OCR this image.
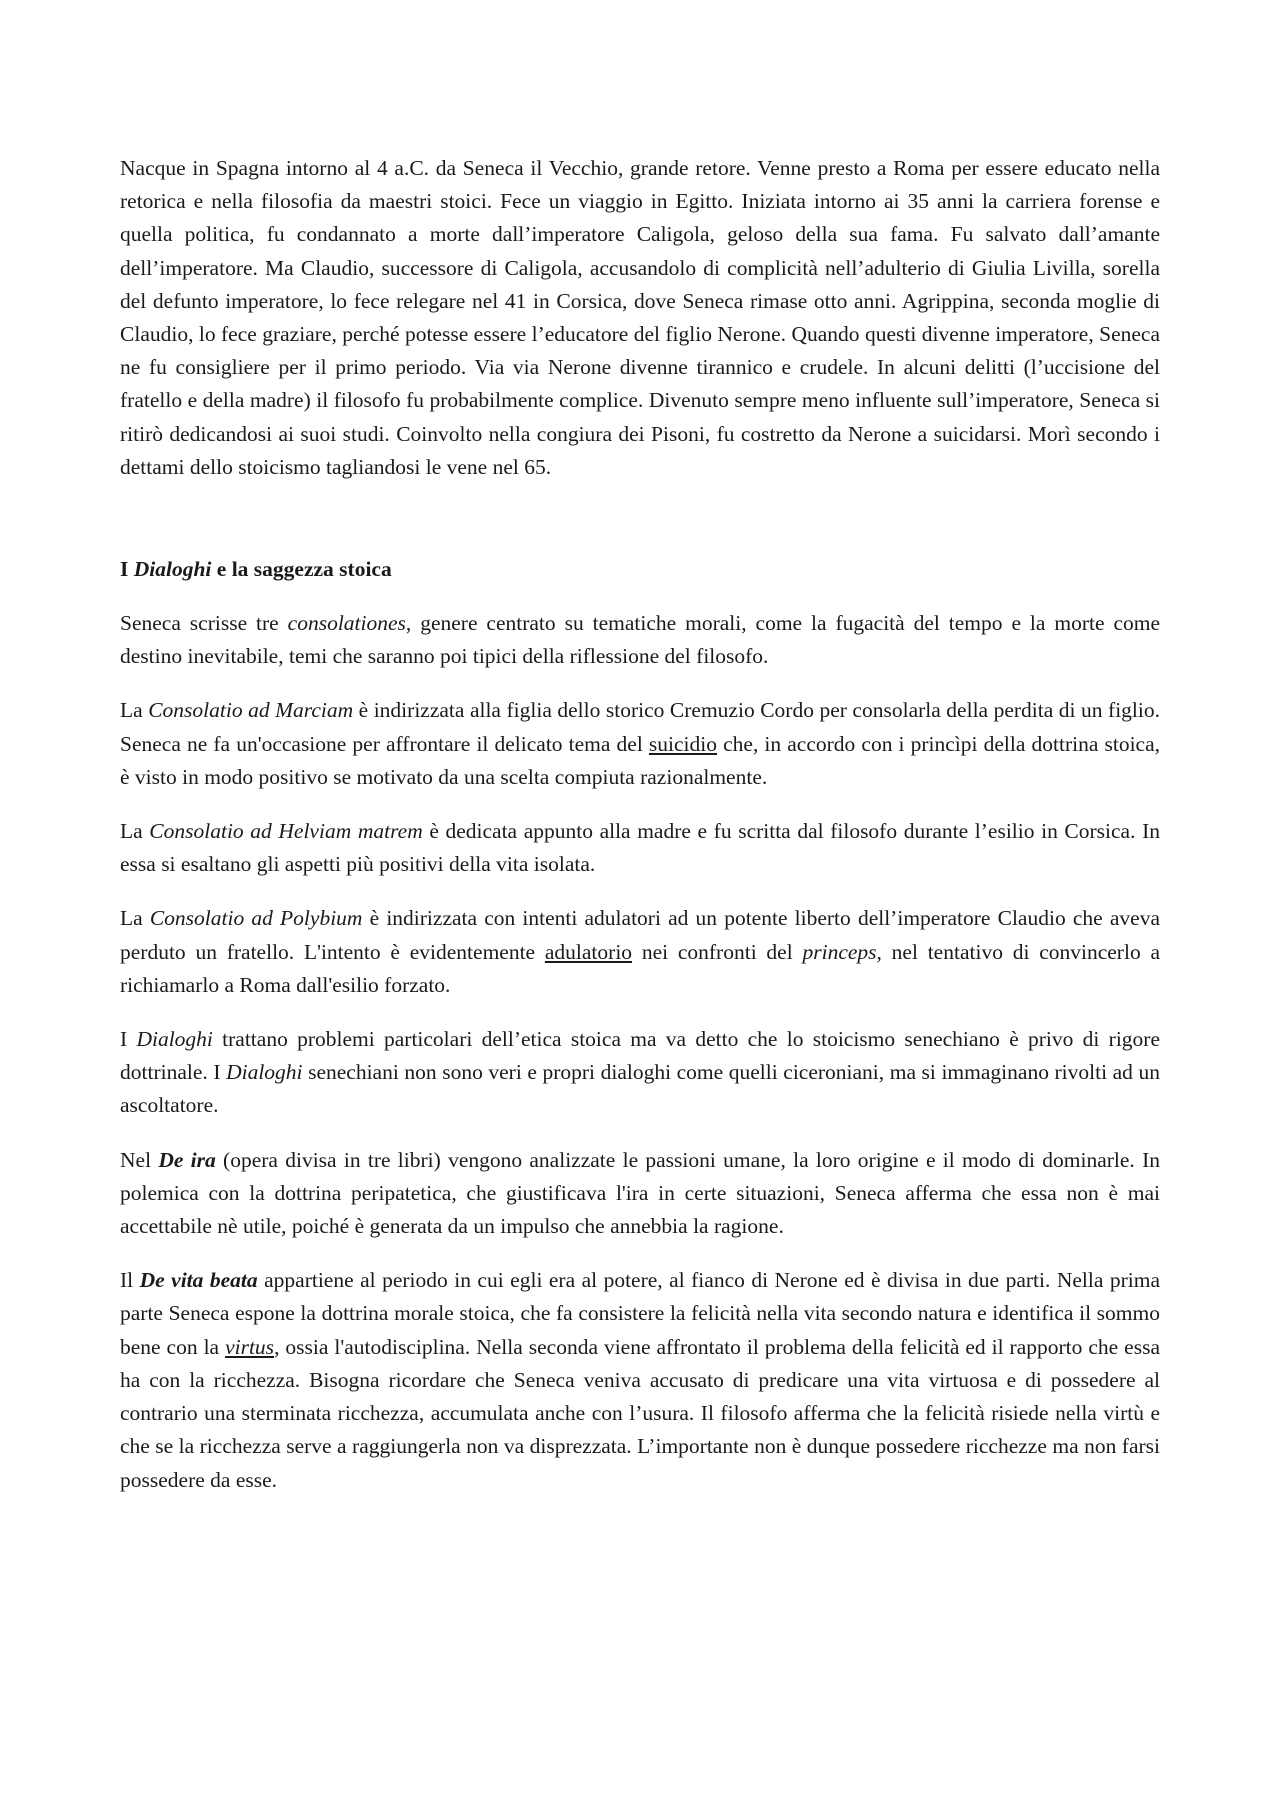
Nacque in Spagna intorno al 4 a.C. da Seneca il Vecchio, grande retore. Venne presto a Roma per essere educato nella retorica e nella filosofia da maestri stoici. Fece un viaggio in Egitto. Iniziata intorno ai 35 anni la carriera forense e quella politica, fu condannato a morte dall’imperatore Caligola, geloso della sua fama. Fu salvato dall’amante dell’imperatore. Ma Claudio, successore di Caligola, accusandolo di complicità nell’adulterio di Giulia Livilla, sorella del defunto imperatore, lo fece relegare nel 41 in Corsica, dove Seneca rimase otto anni. Agrippina, seconda moglie di Claudio, lo fece graziare, perché potesse essere l’educatore del figlio Nerone. Quando questi divenne imperatore, Seneca ne fu consigliere per il primo periodo. Via via Nerone divenne tirannico e crudele. In alcuni delitti (l’uccisione del fratello e della madre) il filosofo fu probabilmente complice. Divenuto sempre meno influente sull’imperatore, Seneca si ritirò dedicandosi ai suoi studi. Coinvolto nella congiura dei Pisoni, fu costretto da Nerone a suicidarsi. Morì secondo i dettami dello stoicismo tagliandosi le vene nel 65.

I Dialoghi e la saggezza stoica

Seneca scrisse tre consolationes, genere centrato su tematiche morali, come la fugacità del tempo e la morte come destino inevitabile, temi che saranno poi tipici della riflessione del filosofo.

La Consolatio ad Marciam è indirizzata alla figlia dello storico Cremuzio Cordo per consolarla della perdita di un figlio. Seneca ne fa un'occasione per affrontare il delicato tema del suicidio che, in accordo con i princìpi della dottrina stoica, è visto in modo positivo se motivato da una scelta compiuta razionalmente.

La Consolatio ad Helviam matrem è dedicata appunto alla madre e fu scritta dal filosofo durante l’esilio in Corsica. In essa si esaltano gli aspetti più positivi della vita isolata.

La Consolatio ad Polybium è indirizzata con intenti adulatori ad un potente liberto dell’imperatore Claudio che aveva perduto un fratello. L'intento è evidentemente adulatorio nei confronti del princeps, nel tentativo di convincerlo a richiamarlo a Roma dall'esilio forzato.

I Dialoghi trattano problemi particolari dell’etica stoica ma va detto che lo stoicismo senechiano è privo di rigore dottrinale. I Dialoghi senechiani non sono veri e propri dialoghi come quelli ciceroniani, ma si immaginano rivolti ad un ascoltatore.

Nel De ira (opera divisa in tre libri) vengono analizzate le passioni umane, la loro origine e il modo di dominarle. In polemica con la dottrina peripatetica, che giustificava l'ira in certe situazioni, Seneca afferma che essa non è mai accettabile nè utile, poiché è generata da un impulso che annebbia la ragione.

Il De vita beata appartiene al periodo in cui egli era al potere, al fianco di Nerone ed è divisa in due parti. Nella prima parte Seneca espone la dottrina morale stoica, che fa consistere la felicità nella vita secondo natura e identifica il sommo bene con la virtus, ossia l'autodisciplina. Nella seconda viene affrontato il problema della felicità ed il rapporto che essa ha con la ricchezza. Bisogna ricordare che Seneca veniva accusato di predicare una vita virtuosa e di possedere al contrario una sterminata ricchezza, accumulata anche con l’usura. Il filosofo afferma che la felicità risiede nella virtù e che se la ricchezza serve a raggiungerla non va disprezzata. L’importante non è dunque possedere ricchezze ma non farsi possedere da esse.
